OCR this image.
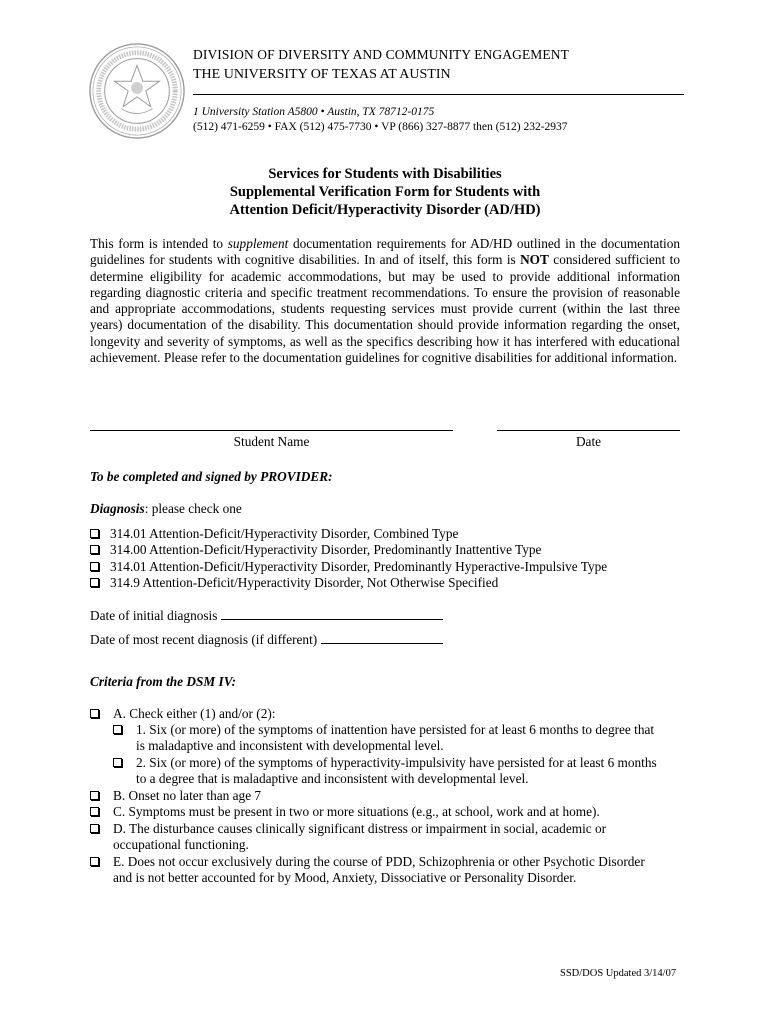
DIVISION OF DIVERSITY AND COMMUNITY ENGAGEMENT
THE UNIVERSITY OF TEXAS AT AUSTIN
1 University Station A5800 • Austin, TX 78712-0175
(512) 471-6259 • FAX (512) 475-7730 • VP (866) 327-8877 then (512) 232-2937
Services for Students with Disabilities
Supplemental Verification Form for Students with
Attention Deficit/Hyperactivity Disorder (AD/HD)
This form is intended to supplement documentation requirements for AD/HD outlined in the documentation guidelines for students with cognitive disabilities. In and of itself, this form is NOT considered sufficient to determine eligibility for academic accommodations, but may be used to provide additional information regarding diagnostic criteria and specific treatment recommendations. To ensure the provision of reasonable and appropriate accommodations, students requesting services must provide current (within the last three years) documentation of the disability. This documentation should provide information regarding the onset, longevity and severity of symptoms, as well as the specifics describing how it has interfered with educational achievement. Please refer to the documentation guidelines for cognitive disabilities for additional information.
Student Name	Date
To be completed and signed by PROVIDER:
Diagnosis: please check one
314.01 Attention-Deficit/Hyperactivity Disorder, Combined Type
314.00 Attention-Deficit/Hyperactivity Disorder, Predominantly Inattentive Type
314.01 Attention-Deficit/Hyperactivity Disorder, Predominantly Hyperactive-Impulsive Type
314.9 Attention-Deficit/Hyperactivity Disorder, Not Otherwise Specified
Date of initial diagnosis
Date of most recent diagnosis (if different)
Criteria from the DSM IV:
A. Check either (1) and/or (2):
1. Six (or more) of the symptoms of inattention have persisted for at least 6 months to degree that
is maladaptive and inconsistent with developmental level.
2. Six (or more) of the symptoms of hyperactivity-impulsivity have persisted for at least 6 months
to a degree that is maladaptive and inconsistent with developmental level.
B. Onset no later than age 7
C. Symptoms must be present in two or more situations (e.g., at school, work and at home).
D. The disturbance causes clinically significant distress or impairment in social, academic or
occupational functioning.
E. Does not occur exclusively during the course of PDD, Schizophrenia or other Psychotic Disorder
and is not better accounted for by Mood, Anxiety, Dissociative or Personality Disorder.
SSD/DOS Updated 3/14/07
